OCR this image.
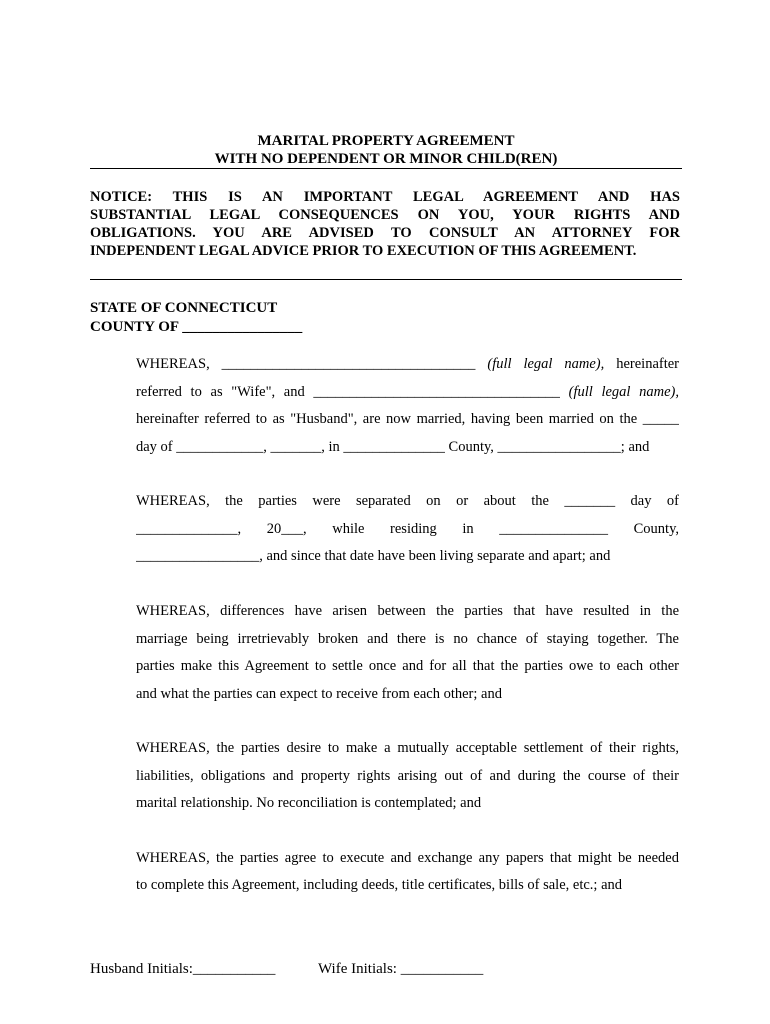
MARITAL PROPERTY AGREEMENT
WITH NO DEPENDENT OR MINOR CHILD(REN)
NOTICE: THIS IS AN IMPORTANT LEGAL AGREEMENT AND HAS
SUBSTANTIAL LEGAL CONSEQUENCES ON YOU, YOUR RIGHTS AND
OBLIGATIONS. YOU ARE ADVISED TO CONSULT AN ATTORNEY FOR
INDEPENDENT LEGAL ADVICE PRIOR TO EXECUTION OF THIS AGREEMENT.
STATE OF CONNECTICUT
COUNTY OF ________________
WHEREAS, ___________________________________ (full legal name), hereinafter
referred to as "Wife", and __________________________________ (full legal name),
hereinafter referred to as "Husband", are now married, having been married on the _____
day of ____________, _______, in ______________ County, _________________; and
WHEREAS, the parties were separated on or about the _______ day of
______________, 20___, while residing in _______________ County,
_________________, and since that date have been living separate and apart; and
WHEREAS, differences have arisen between the parties that have resulted in the
marriage being irretrievably broken and there is no chance of staying together. The
parties make this Agreement to settle once and for all that the parties owe to each other
and what the parties can expect to receive from each other; and
WHEREAS, the parties desire to make a mutually acceptable settlement of their rights,
liabilities, obligations and property rights arising out of and during the course of their
marital relationship. No reconciliation is contemplated; and
WHEREAS, the parties agree to execute and exchange any papers that might be needed
to complete this Agreement, including deeds, title certificates, bills of sale, etc.; and
Husband Initials:___________	Wife Initials: ___________
